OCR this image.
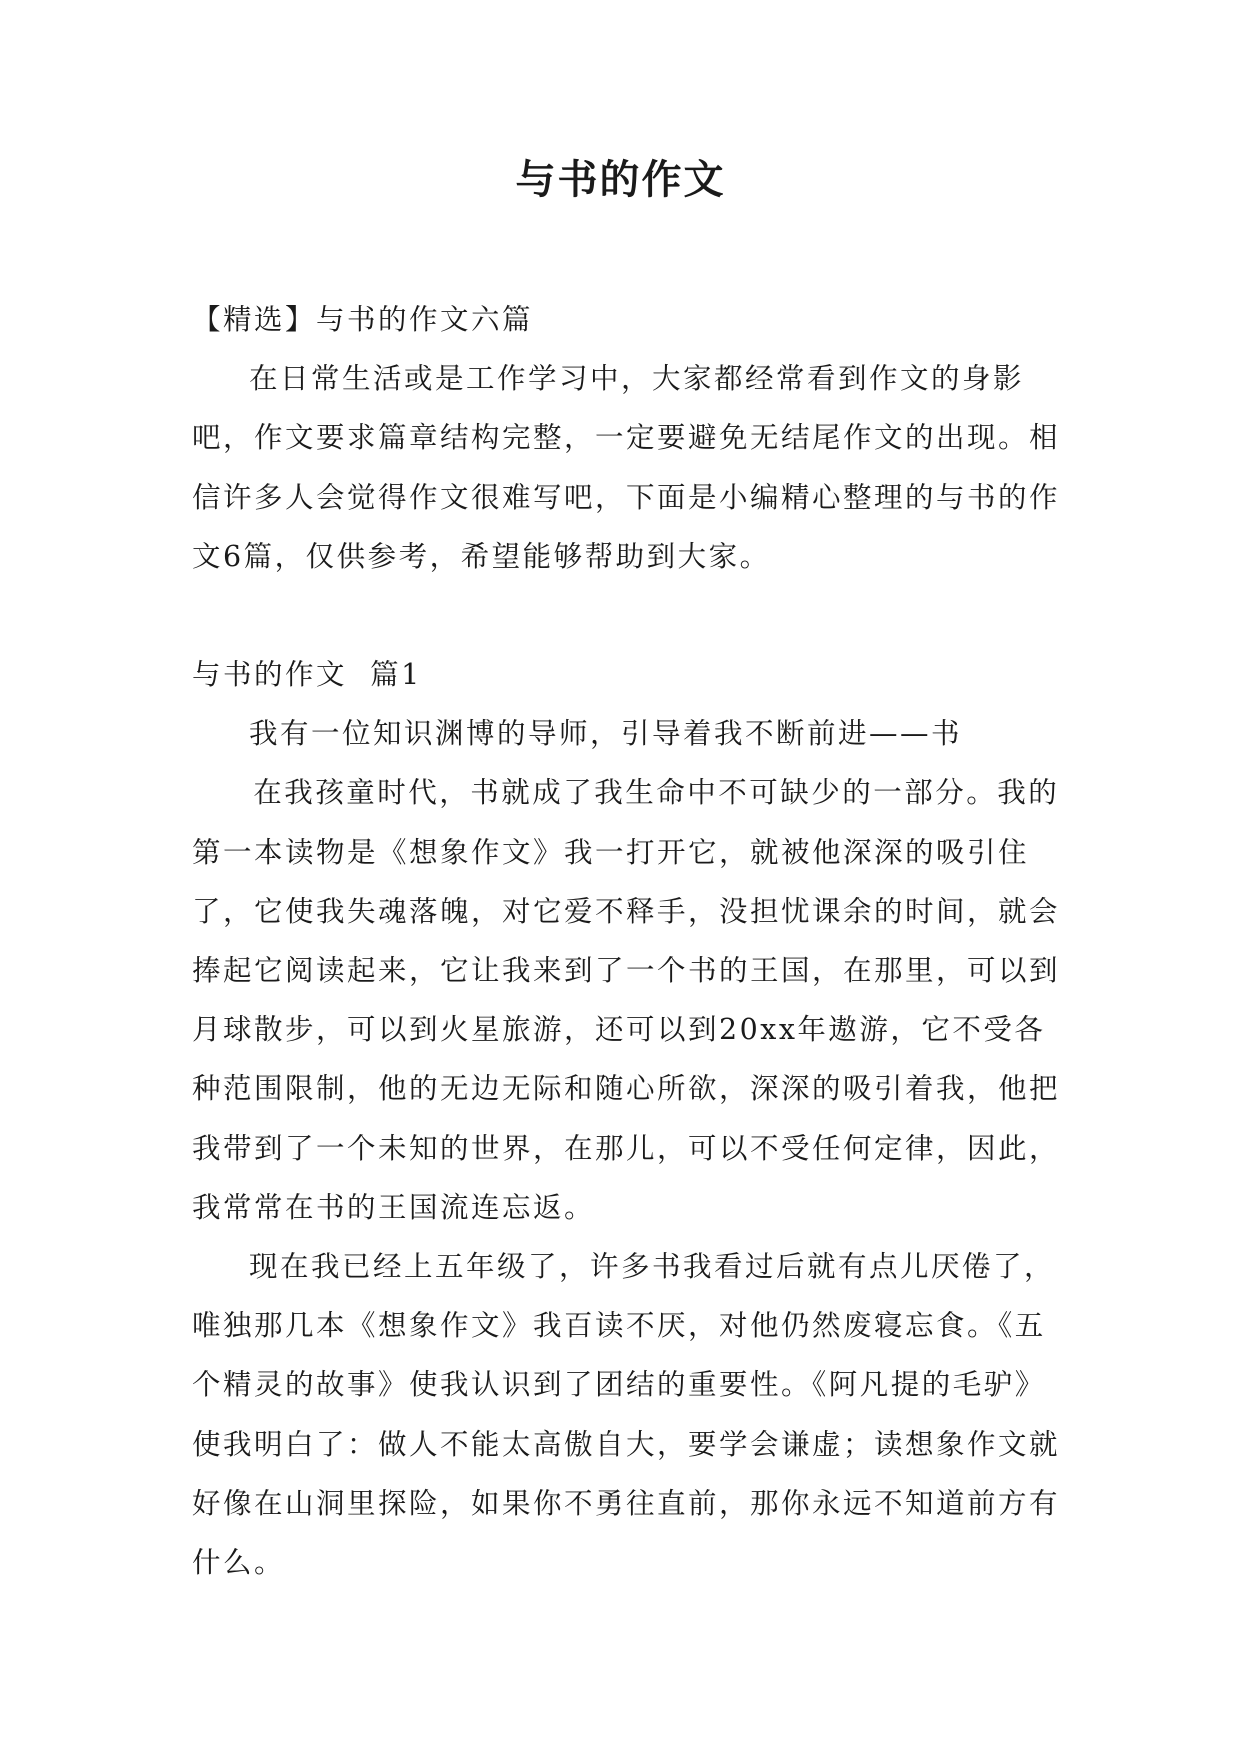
与书的作文

【精选】与书的作文六篇

在日常生活或是工作学习中，大家都经常看到作文的身影吧，作文要求篇章结构完整，一定要避免无结尾作文的出现。相信许多人会觉得作文很难写吧，下面是小编精心整理的与书的作文6篇，仅供参考，希望能够帮助到大家。

与书的作文  篇1

我有一位知识渊博的导师，引导着我不断前进——书

在我孩童时代，书就成了我生命中不可缺少的一部分。我的第一本读物是《想象作文》我一打开它，就被他深深的吸引住了，它使我失魂落魄，对它爱不释手，没担忧课余的时间，就会捧起它阅读起来，它让我来到了一个书的王国，在那里，可以到月球散步，可以到火星旅游，还可以到20xx年遨游，它不受各种范围限制，他的无边无际和随心所欲，深深的吸引着我，他把我带到了一个未知的世界，在那儿，可以不受任何定律，因此，我常常在书的王国流连忘返。

现在我已经上五年级了，许多书我看过后就有点儿厌倦了，唯独那几本《想象作文》我百读不厌，对他仍然废寝忘食。《五个精灵的故事》使我认识到了团结的重要性。《阿凡提的毛驴》使我明白了：做人不能太高傲自大，要学会谦虚；读想象作文就好像在山洞里探险，如果你不勇往直前，那你永远不知道前方有什么。
